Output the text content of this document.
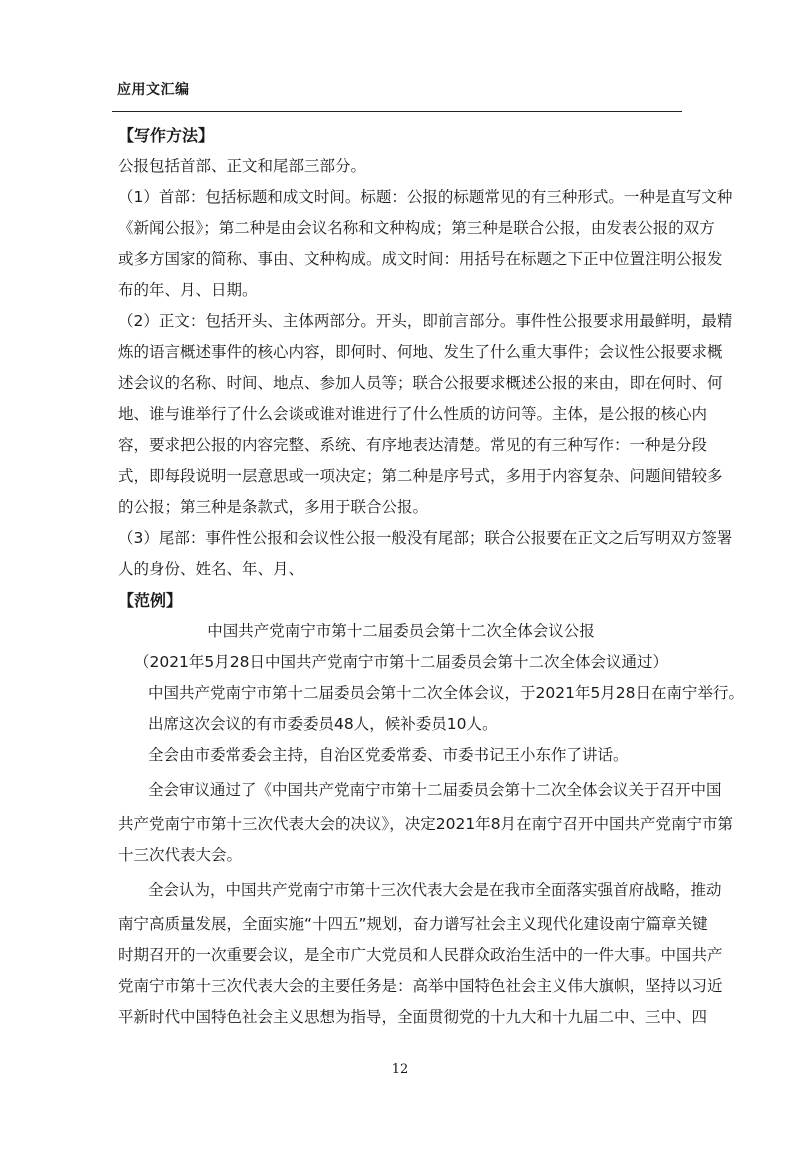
应用文汇编
【写作方法】
公报包括首部、正文和尾部三部分。
（1）首部：包括标题和成文时间。标题：公报的标题常见的有三种形式。一种是直写文种
《新闻公报》；第二种是由会议名称和文种构成；第三种是联合公报，由发表公报的双方
或多方国家的简称、事由、文种构成。成文时间：用括号在标题之下正中位置注明公报发
布的年、月、日期。
（2）正文：包括开头、主体两部分。开头，即前言部分。事件性公报要求用最鲜明，最精
炼的语言概述事件的核心内容，即何时、何地、发生了什么重大事件；会议性公报要求概
述会议的名称、时间、地点、参加人员等；联合公报要求概述公报的来由，即在何时、何
地、谁与谁举行了什么会谈或谁对谁进行了什么性质的访问等。主体，是公报的核心内
容，要求把公报的内容完整、系统、有序地表达清楚。常见的有三种写作：一种是分段
式，即每段说明一层意思或一项决定；第二种是序号式，多用于内容复杂、问题间错较多
的公报；第三种是条款式，多用于联合公报。
（3）尾部：事件性公报和会议性公报一般没有尾部；联合公报要在正文之后写明双方签署
人的身份、姓名、年、月、
【范例】
中国共产党南宁市第十二届委员会第十二次全体会议公报
（2021年5月28日中国共产党南宁市第十二届委员会第十二次全体会议通过）
中国共产党南宁市第十二届委员会第十二次全体会议，于2021年5月28日在南宁举行。
出席这次会议的有市委委员48人，候补委员10人。
全会由市委常委会主持，自治区党委常委、市委书记王小东作了讲话。
全会审议通过了《中国共产党南宁市第十二届委员会第十二次全体会议关于召开中国
共产党南宁市第十三次代表大会的决议》，决定2021年8月在南宁召开中国共产党南宁市第
十三次代表大会。
全会认为，中国共产党南宁市第十三次代表大会是在我市全面落实强首府战略，推动
南宁高质量发展，全面实施“十四五”规划，奋力谱写社会主义现代化建设南宁篇章关键
时期召开的一次重要会议，是全市广大党员和人民群众政治生活中的一件大事。中国共产
党南宁市第十三次代表大会的主要任务是：高举中国特色社会主义伟大旗帜，坚持以习近
平新时代中国特色社会主义思想为指导，全面贯彻党的十九大和十九届二中、三中、四
12
